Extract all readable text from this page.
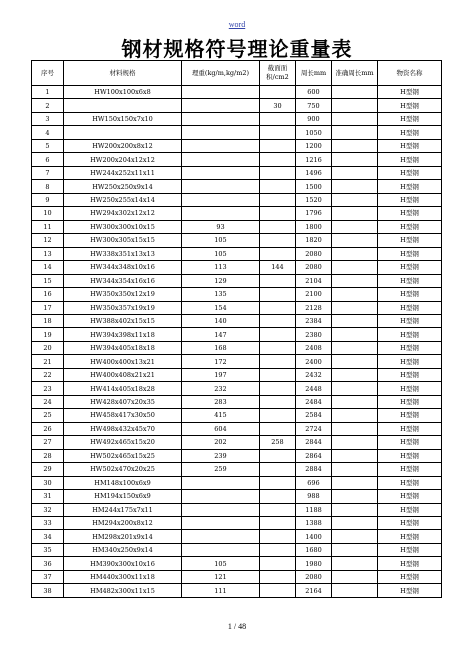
word
钢材规格符号理论重量表
序号	材料规格	理重(kg/m,kg/m2)	截面面积/cm2	周长mm	准确周长mm	物资名称
1	HW100x100x6x8			600		H型钢
2			30	750		H型钢
3	HW150x150x7x10			900		H型钢
4				1050		H型钢
5	HW200x200x8x12			1200		H型钢
6	HW200x204x12x12			1216		H型钢
7	HW244x252x11x11			1496		H型钢
8	HW250x250x9x14			1500		H型钢
9	HW250x255x14x14			1520		H型钢
10	HW294x302x12x12			1796		H型钢
11	HW300x300x10x15	93		1800		H型钢
12	HW300x305x15x15	105		1820		H型钢
13	HW338x351x13x13	105		2080		H型钢
14	HW344x348x10x16	113	144	2080		H型钢
15	HW344x354x16x16	129		2104		H型钢
16	HW350x350x12x19	135		2100		H型钢
17	HW350x357x19x19	154		2128		H型钢
18	HW388x402x15x15	140		2384		H型钢
19	HW394x398x11x18	147		2380		H型钢
20	HW394x405x18x18	168		2408		H型钢
21	HW400x400x13x21	172		2400		H型钢
22	HW400x408x21x21	197		2432		H型钢
23	HW414x405x18x28	232		2448		H型钢
24	HW428x407x20x35	283		2484		H型钢
25	HW458x417x30x50	415		2584		H型钢
26	HW498x432x45x70	604		2724		H型钢
27	HW492x465x15x20	202	258	2844		H型钢
28	HW502x465x15x25	239		2864		H型钢
29	HW502x470x20x25	259		2884		H型钢
30	HM148x100x6x9			696		H型钢
31	HM194x150x6x9			988		H型钢
32	HM244x175x7x11			1188		H型钢
33	HM294x200x8x12			1388		H型钢
34	HM298x201x9x14			1400		H型钢
35	HM340x250x9x14			1680		H型钢
36	HM390x300x10x16	105		1980		H型钢
37	HM440x300x11x18	121		2080		H型钢
38	HM482x300x11x15	111		2164		H型钢
1 / 48
